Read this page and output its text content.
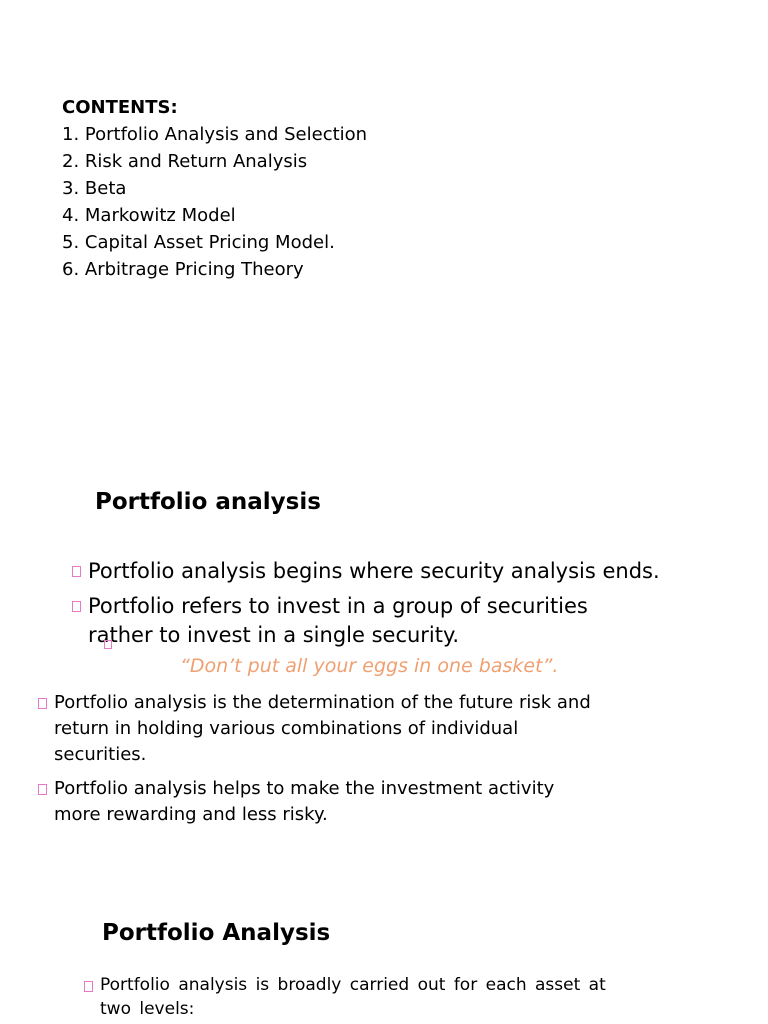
CONTENTS:
1. Portfolio Analysis and Selection
2. Risk and Return Analysis
3. Beta
4. Markowitz Model
5. Capital Asset Pricing Model.
6. Arbitrage Pricing Theory
Portfolio analysis
Portfolio analysis begins where security analysis ends.
Portfolio refers to invest in a group of securities
rather to invest in a single security.
“Don’t put all your eggs in one basket”.
Portfolio analysis is the determination of the future risk and
return in holding various combinations of individual
securities.
Portfolio analysis helps to make the investment activity
more rewarding and less risky.
Portfolio Analysis
Portfolio analysis is broadly carried out for each asset at
two levels:
